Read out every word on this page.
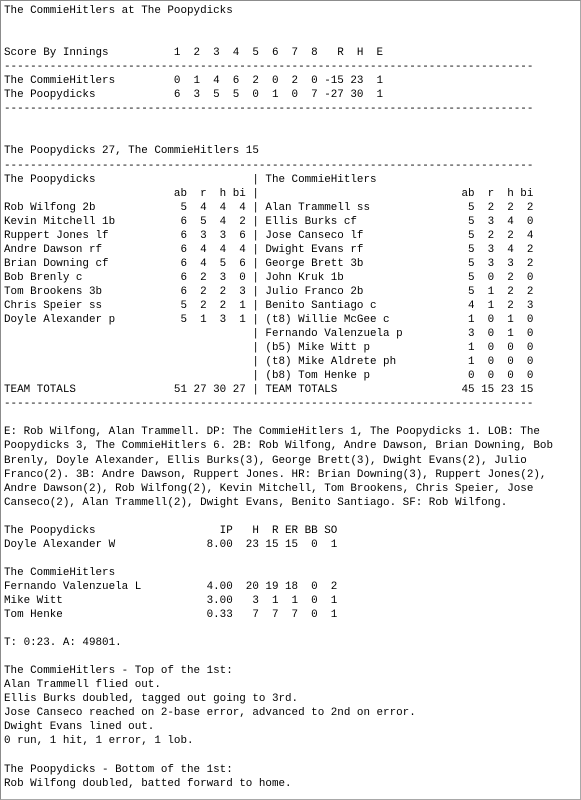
The CommieHitlers at The Poopydicks

Score By Innings          1  2  3  4  5  6  7  8   R  H  E
---------------------------------------------------------------------------------
The CommieHitlers         0  1  4  6  2  0  2  0 -15 23  1
The Poopydicks            6  3  5  5  0  1  0  7 -27 30  1
---------------------------------------------------------------------------------

The Poopydicks 27, The CommieHitlers 15
---------------------------------------------------------------------------------
The Poopydicks                        | The CommieHitlers
ab  r  h bi |                               ab  r  h bi
Rob Wilfong 2b             5  4  4  4 | Alan Trammell ss               5  2  2  2
Kevin Mitchell 1b          6  5  4  2 | Ellis Burks cf                 5  3  4  0
Ruppert Jones lf           6  3  3  6 | Jose Canseco lf                5  2  2  4
Andre Dawson rf            6  4  4  4 | Dwight Evans rf                5  3  4  2
Brian Downing cf           6  4  5  6 | George Brett 3b                5  3  3  2
Bob Brenly c               6  2  3  0 | John Kruk 1b                   5  0  2  0
Tom Brookens 3b            6  2  2  3 | Julio Franco 2b                5  1  2  2
Chris Speier ss            5  2  2  1 | Benito Santiago c              4  1  2  3
Doyle Alexander p          5  1  3  1 | (t8) Willie McGee c            1  0  1  0
| Fernando Valenzuela p          3  0  1  0
| (b5) Mike Witt p               1  0  0  0
| (t8) Mike Aldrete ph           1  0  0  0
| (b8) Tom Henke p               0  0  0  0
TEAM TOTALS               51 27 30 27 | TEAM TOTALS                   45 15 23 15
---------------------------------------------------------------------------------

E: Rob Wilfong, Alan Trammell. DP: The CommieHitlers 1, The Poopydicks 1. LOB: The
Poopydicks 3, The CommieHitlers 6. 2B: Rob Wilfong, Andre Dawson, Brian Downing, Bob
Brenly, Doyle Alexander, Ellis Burks(3), George Brett(3), Dwight Evans(2), Julio
Franco(2). 3B: Andre Dawson, Ruppert Jones. HR: Brian Downing(3), Ruppert Jones(2),
Andre Dawson(2), Rob Wilfong(2), Kevin Mitchell, Tom Brookens, Chris Speier, Jose
Canseco(2), Alan Trammell(2), Dwight Evans, Benito Santiago. SF: Rob Wilfong.

The Poopydicks                   IP   H  R ER BB SO
Doyle Alexander W              8.00  23 15 15  0  1

The CommieHitlers
Fernando Valenzuela L          4.00  20 19 18  0  2
Mike Witt                      3.00   3  1  1  0  1
Tom Henke                      0.33   7  7  7  0  1

T: 0:23. A: 49801.

The CommieHitlers - Top of the 1st:
Alan Trammell flied out.
Ellis Burks doubled, tagged out going to 3rd.
Jose Canseco reached on 2-base error, advanced to 2nd on error.
Dwight Evans lined out.
0 run, 1 hit, 1 error, 1 lob.

The Poopydicks - Bottom of the 1st:
Rob Wilfong doubled, batted forward to home.
